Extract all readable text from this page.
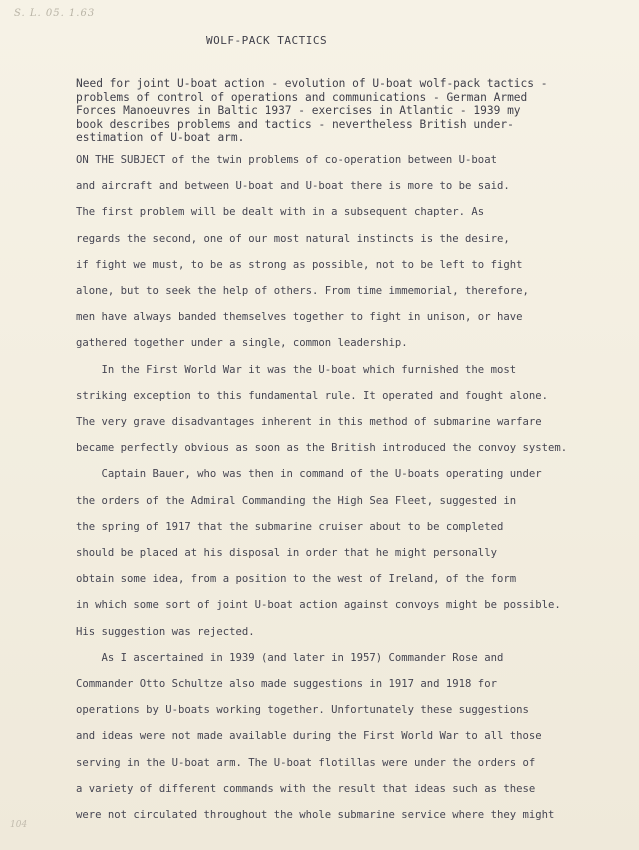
S. L. 05. 1.63
WOLF-PACK TACTICS
Need for joint U-boat action - evolution of U-boat wolf-pack tactics -
problems of control of operations and communications - German Armed
Forces Manoeuvres in Baltic 1937 - exercises in Atlantic - 1939 my
book describes problems and tactics - nevertheless British under-
estimation of U-boat arm.
ON THE SUBJECT of the twin problems of co-operation between U-boat
and aircraft and between U-boat and U-boat there is more to be said.
The first problem will be dealt with in a subsequent chapter. As
regards the second, one of our most natural instincts is the desire,
if fight we must, to be as strong as possible, not to be left to fight
alone, but to seek the help of others. From time immemorial, therefore,
men have always banded themselves together to fight in unison, or have
gathered together under a single, common leadership.
In the First World War it was the U-boat which furnished the most
striking exception to this fundamental rule. It operated and fought alone.
The very grave disadvantages inherent in this method of submarine warfare
became perfectly obvious as soon as the British introduced the convoy system.
Captain Bauer, who was then in command of the U-boats operating under
the orders of the Admiral Commanding the High Sea Fleet, suggested in
the spring of 1917 that the submarine cruiser about to be completed
should be placed at his disposal in order that he might personally
obtain some idea, from a position to the west of Ireland, of the form
in which some sort of joint U-boat action against convoys might be possible.
His suggestion was rejected.
As I ascertained in 1939 (and later in 1957) Commander Rose and
Commander Otto Schultze also made suggestions in 1917 and 1918 for
operations by U-boats working together. Unfortunately these suggestions
and ideas were not made available during the First World War to all those
serving in the U-boat arm. The U-boat flotillas were under the orders of
a variety of different commands with the result that ideas such as these
were not circulated throughout the whole submarine service where they might
104
